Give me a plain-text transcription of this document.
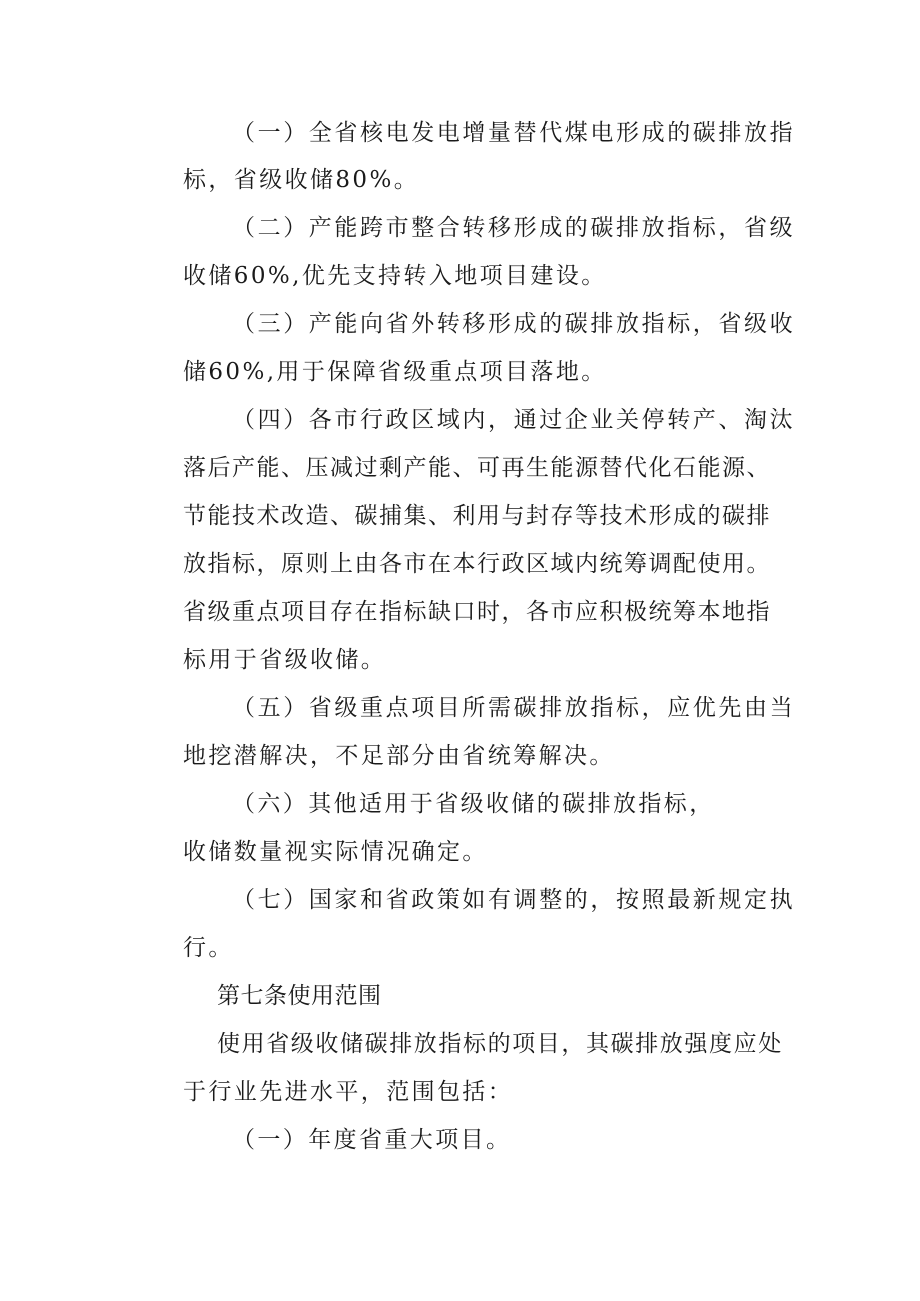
（一）全省核电发电增量替代煤电形成的碳排放指
标，省级收储80%。
（二）产能跨市整合转移形成的碳排放指标，省级
收储60%,优先支持转入地项目建设。
（三）产能向省外转移形成的碳排放指标，省级收
储60%,用于保障省级重点项目落地。
（四）各市行政区域内，通过企业关停转产、淘汰
落后产能、压减过剩产能、可再生能源替代化石能源、
节能技术改造、碳捕集、利用与封存等技术形成的碳排
放指标，原则上由各市在本行政区域内统筹调配使用。
省级重点项目存在指标缺口时，各市应积极统筹本地指
标用于省级收储。
（五）省级重点项目所需碳排放指标，应优先由当
地挖潜解决，不足部分由省统筹解决。
（六）其他适用于省级收储的碳排放指标，
收储数量视实际情况确定。
（七）国家和省政策如有调整的，按照最新规定执
行。
第七条使用范围
使用省级收储碳排放指标的项目，其碳排放强度应处
于行业先进水平，范围包括：
（一）年度省重大项目。
